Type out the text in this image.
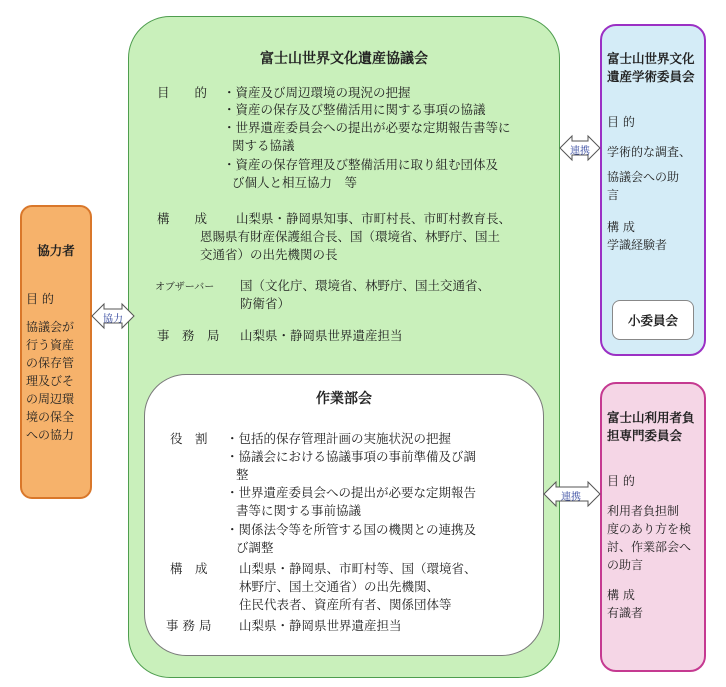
富士山世界文化遺産協議会
目　　的 ・資産及び周辺環境の現況の把握
・資産の保存及び整備活用に関する事項の協議
・世界遺産委員会への提出が必要な定期報告書等に
関する協議
・資産の保存管理及び整備活用に取り組む団体及
び個人と相互協力　等
構　　成 山梨県・静岡県知事、市町村長、市町村教育長、
恩賜県有財産保護組合長、国（環境省、林野庁、国土
交通省）の出先機関の長
オブザーバー 国（文化庁、環境省、林野庁、国土交通省、
防衛省）
事　務　局 山梨県・静岡県世界遺産担当
作業部会
役　割 ・包括的保存管理計画の実施状況の把握
・協議会における協議事項の事前準備及び調
整
・世界遺産委員会への提出が必要な定期報告
書等に関する事前協議
・関係法令等を所管する国の機関との連携及
び調整
構　成	山梨県・静岡県、市町村等、国（環境省、
林野庁、国土交通省）の出先機関、
住民代表者、資産所有者、関係団体等
事 務 局 山梨県・静岡県世界遺産担当
協力者
目 的
協議会が
行う資産
の保存管
理及びそ
の周辺環
境の保全
への協力
富士山世界文化
遺産学術委員会
目 的
学術的な調査、
協議会への助
言
構 成
学識経験者
小委員会
富士山利用者負
担専門委員会
目 的
利用者負担制
度のあり方を検
討、作業部会へ
の助言
構 成
有識者
協力
連携
連携
